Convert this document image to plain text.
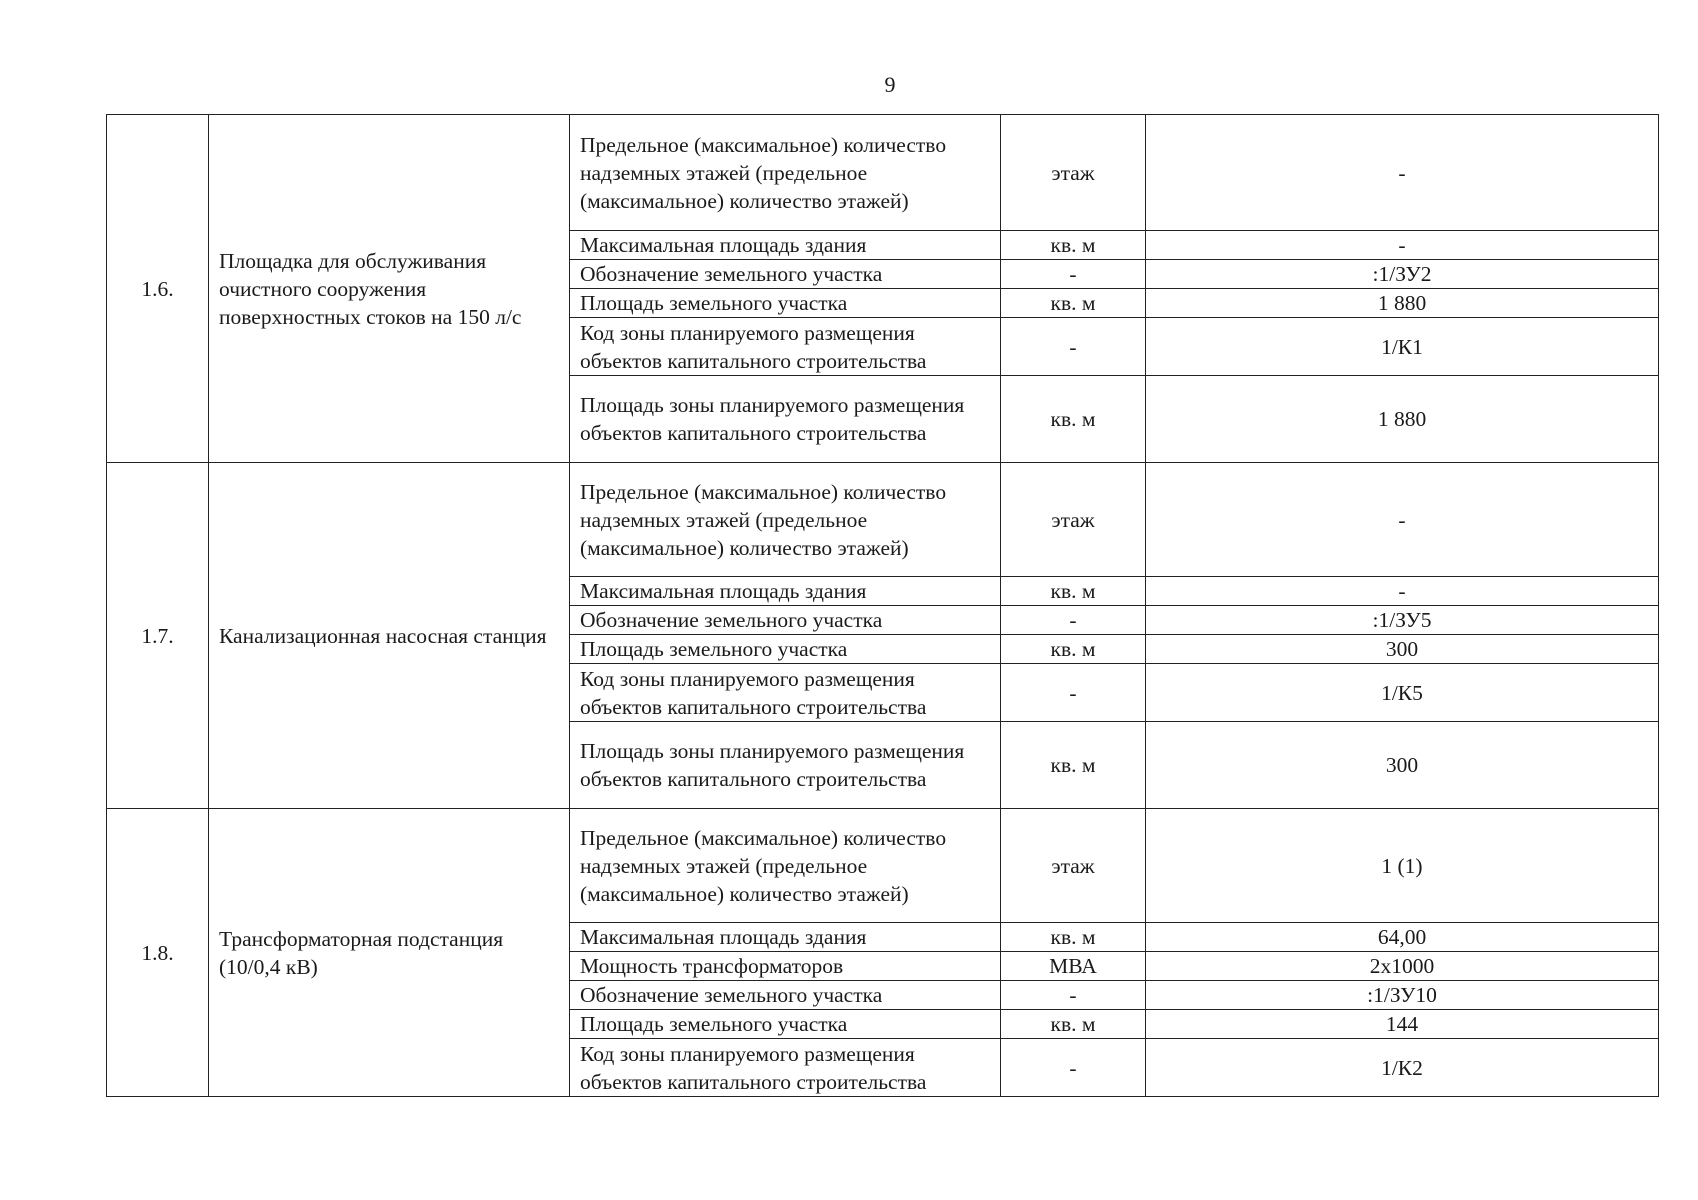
9
1.6.	Площадка для обслуживания очистного сооружения поверхностных стоков на 150 л/с	Предельное (максимальное) количество надземных этажей (предельное (максимальное) количество этажей)	этаж	-
		Максимальная площадь здания	кв. м	-
		Обозначение земельного участка	-	:1/ЗУ2
		Площадь земельного участка	кв. м	1 880
		Код зоны планируемого размещения объектов капитального строительства	-	1/К1
		Площадь зоны планируемого размещения объектов капитального строительства	кв. м	1 880
1.7.	Канализационная насосная станция	Предельное (максимальное) количество надземных этажей (предельное (максимальное) количество этажей)	этаж	-
		Максимальная площадь здания	кв. м	-
		Обозначение земельного участка	-	:1/ЗУ5
		Площадь земельного участка	кв. м	300
		Код зоны планируемого размещения объектов капитального строительства	-	1/К5
		Площадь зоны планируемого размещения объектов капитального строительства	кв. м	300
1.8.	Трансформаторная подстанция (10/0,4 кВ)	Предельное (максимальное) количество надземных этажей (предельное (максимальное) количество этажей)	этаж	1 (1)
		Максимальная площадь здания	кв. м	64,00
		Мощность трансформаторов	МВА	2х1000
		Обозначение земельного участка	-	:1/ЗУ10
		Площадь земельного участка	кв. м	144
		Код зоны планируемого размещения объектов капитального строительства	-	1/К2
